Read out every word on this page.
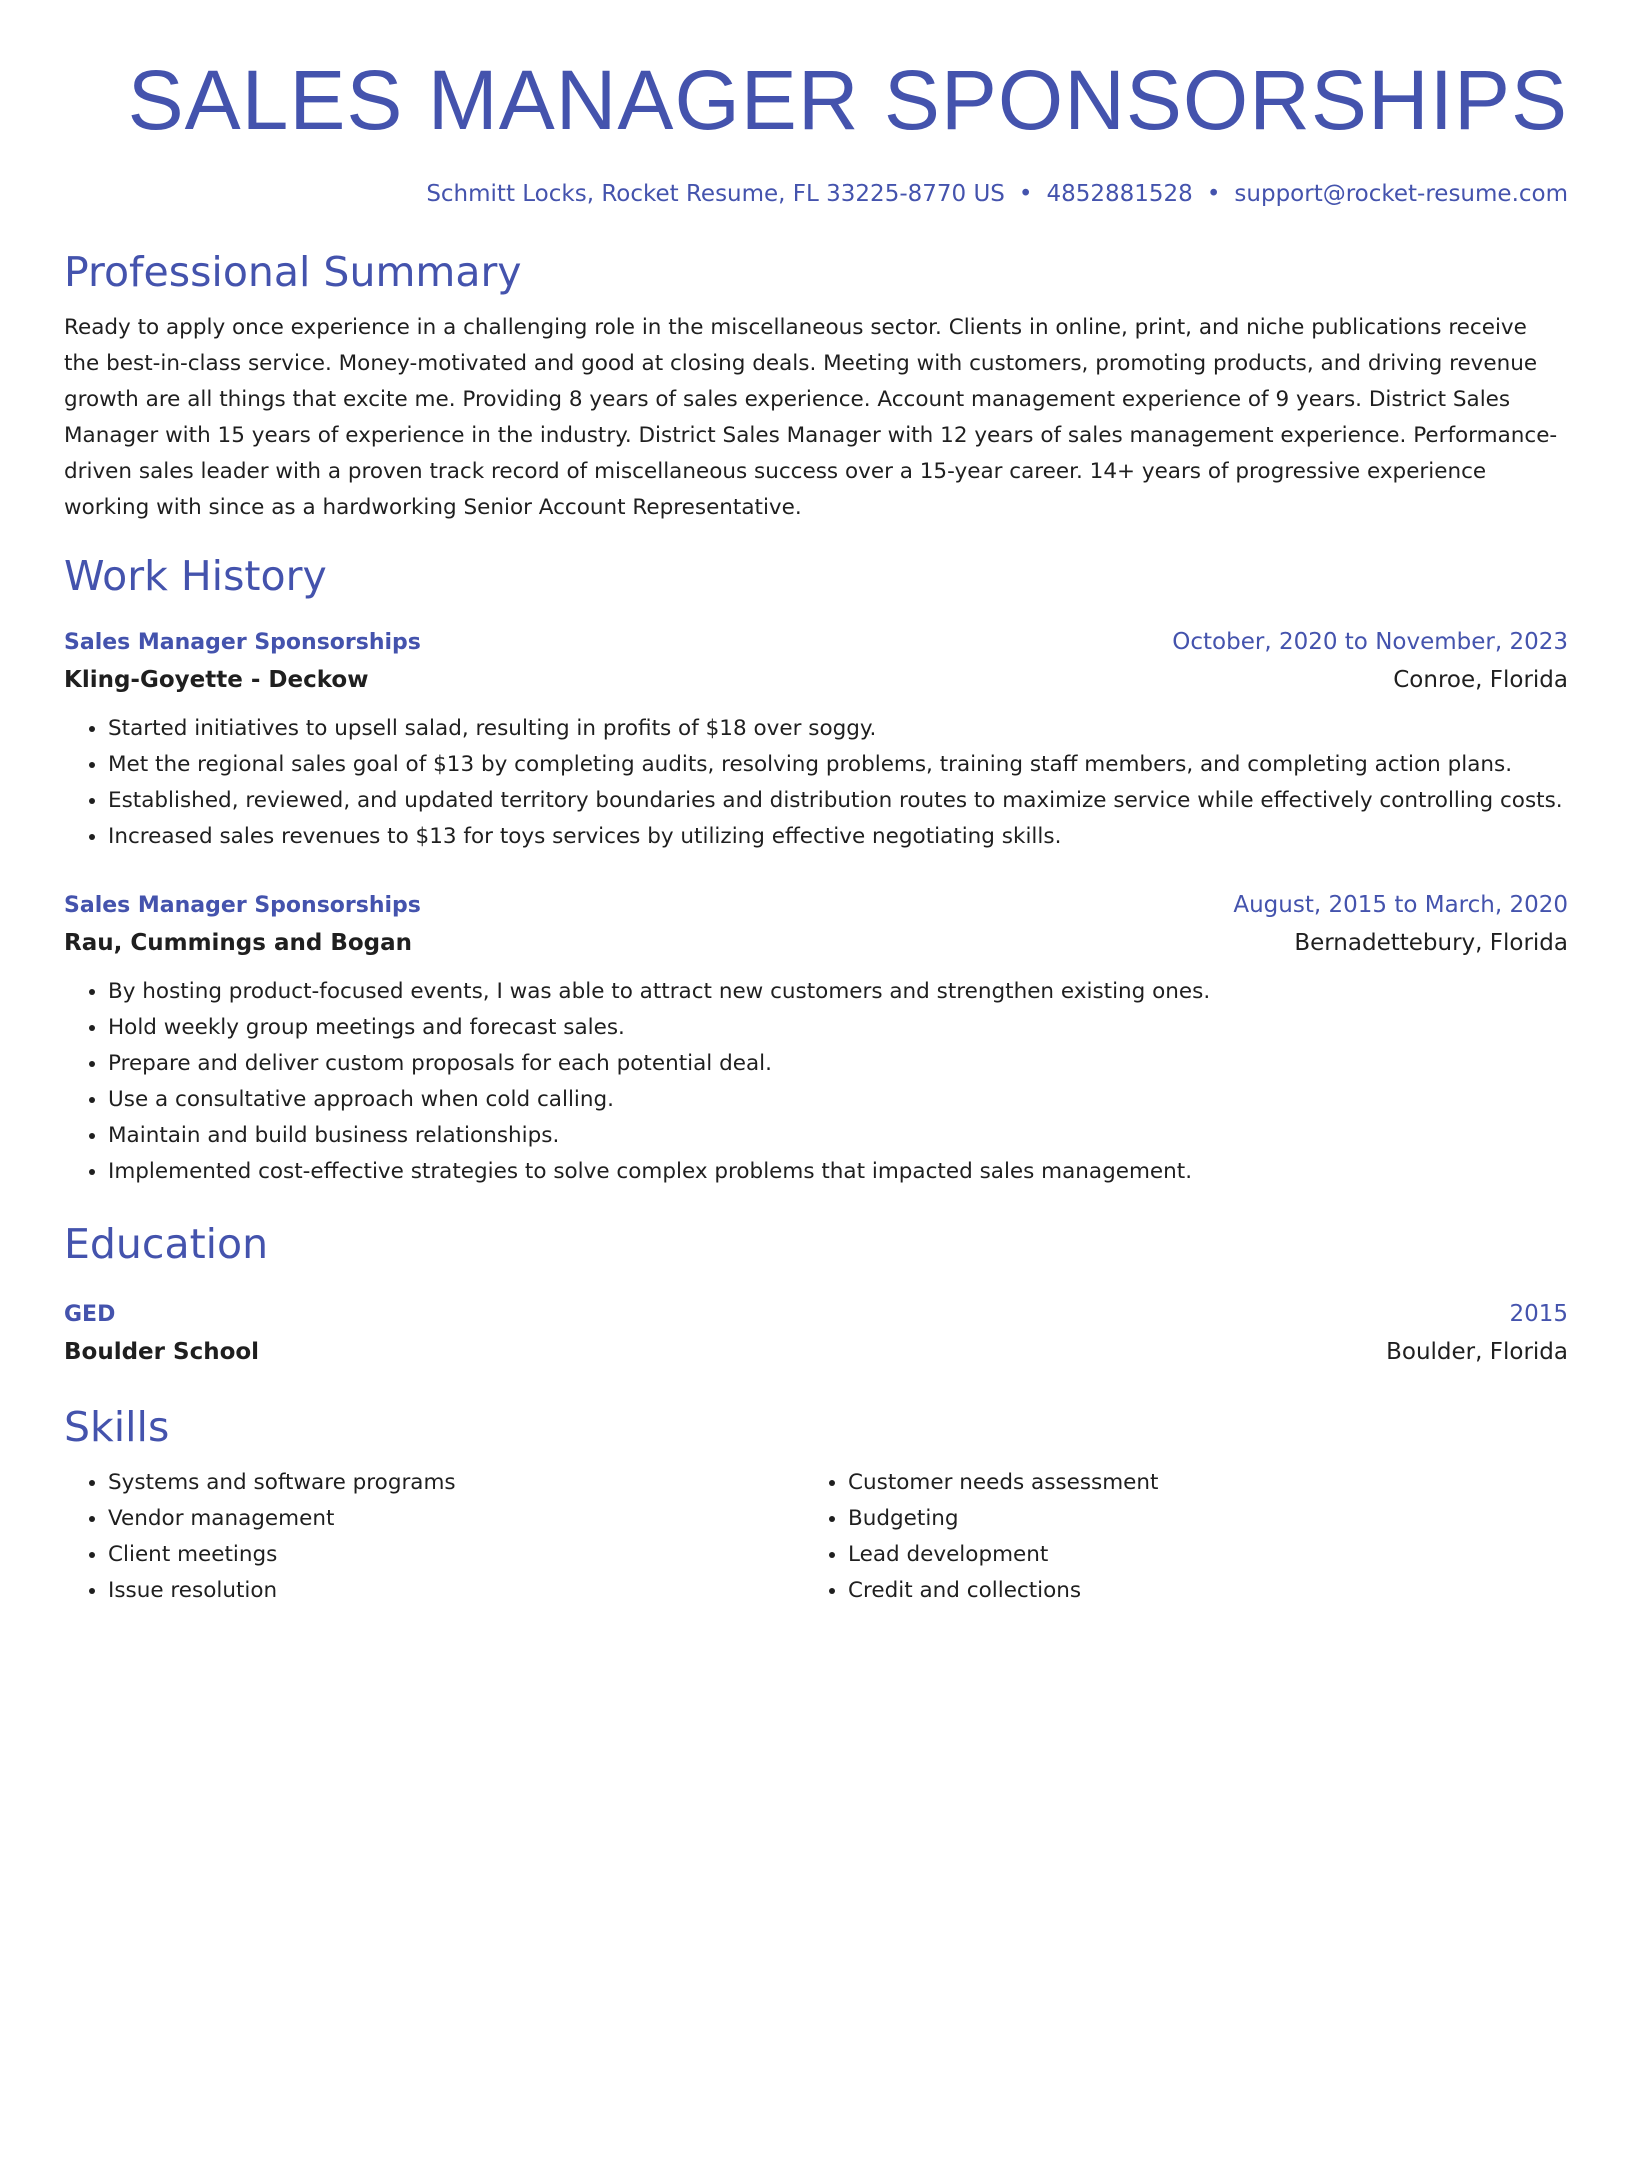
SALES MANAGER SPONSORSHIPS
Schmitt Locks, Rocket Resume, FL 33225-8770 US • 4852881528 • support@rocket-resume.com
Professional Summary
Ready to apply once experience in a challenging role in the miscellaneous sector. Clients in online, print, and niche publications receive the best-in-class service. Money-motivated and good at closing deals. Meeting with customers, promoting products, and driving revenue growth are all things that excite me. Providing 8 years of sales experience. Account management experience of 9 years. District Sales Manager with 15 years of experience in the industry. District Sales Manager with 12 years of sales management experience. Performance-driven sales leader with a proven track record of miscellaneous success over a 15-year career. 14+ years of progressive experience working with since as a hardworking Senior Account Representative.
Work History
Sales Manager Sponsorships	October, 2020 to November, 2023
Kling-Goyette - Deckow	Conroe, Florida
• Started initiatives to upsell salad, resulting in profits of $18 over soggy.
• Met the regional sales goal of $13 by completing audits, resolving problems, training staff members, and completing action plans.
• Established, reviewed, and updated territory boundaries and distribution routes to maximize service while effectively controlling costs.
• Increased sales revenues to $13 for toys services by utilizing effective negotiating skills.
Sales Manager Sponsorships	August, 2015 to March, 2020
Rau, Cummings and Bogan	Bernadettebury, Florida
• By hosting product-focused events, I was able to attract new customers and strengthen existing ones.
• Hold weekly group meetings and forecast sales.
• Prepare and deliver custom proposals for each potential deal.
• Use a consultative approach when cold calling.
• Maintain and build business relationships.
• Implemented cost-effective strategies to solve complex problems that impacted sales management.
Education
GED	2015
Boulder School	Boulder, Florida
Skills
• Systems and software programs
• Vendor management
• Client meetings
• Issue resolution
• Customer needs assessment
• Budgeting
• Lead development
• Credit and collections
